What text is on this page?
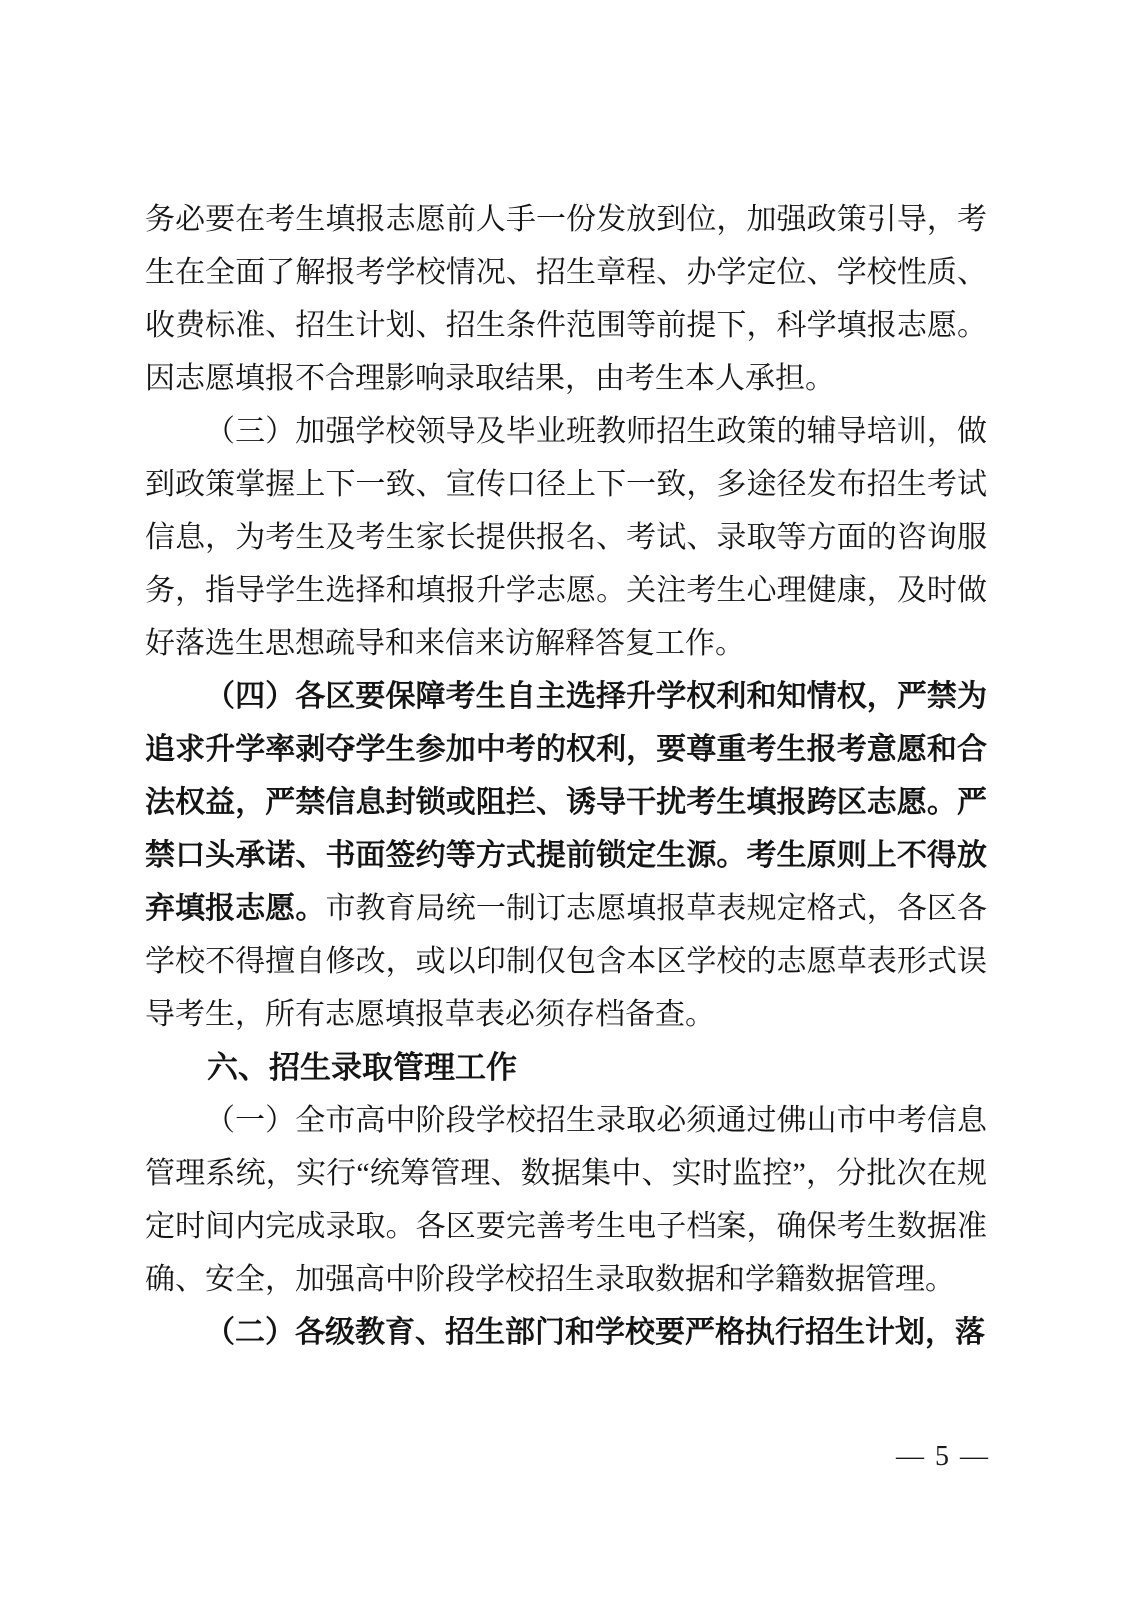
务必要在考生填报志愿前人手一份发放到位，加强政策引导，考生在全面了解报考学校情况、招生章程、办学定位、学校性质、收费标准、招生计划、招生条件范围等前提下，科学填报志愿。因志愿填报不合理影响录取结果，由考生本人承担。

（三）加强学校领导及毕业班教师招生政策的辅导培训，做到政策掌握上下一致、宣传口径上下一致，多途径发布招生考试信息，为考生及考生家长提供报名、考试、录取等方面的咨询服务，指导学生选择和填报升学志愿。关注考生心理健康，及时做好落选生思想疏导和来信来访解释答复工作。

（四）各区要保障考生自主选择升学权利和知情权，严禁为追求升学率剥夺学生参加中考的权利，要尊重考生报考意愿和合法权益，严禁信息封锁或阻拦、诱导干扰考生填报跨区志愿。严禁口头承诺、书面签约等方式提前锁定生源。考生原则上不得放弃填报志愿。市教育局统一制订志愿填报草表规定格式，各区各学校不得擅自修改，或以印制仅包含本区学校的志愿草表形式误导考生，所有志愿填报草表必须存档备查。

六、招生录取管理工作

（一）全市高中阶段学校招生录取必须通过佛山市中考信息管理系统，实行“统筹管理、数据集中、实时监控”，分批次在规定时间内完成录取。各区要完善考生电子档案，确保考生数据准确、安全，加强高中阶段学校招生录取数据和学籍数据管理。

（二）各级教育、招生部门和学校要严格执行招生计划，落

— 5 —
